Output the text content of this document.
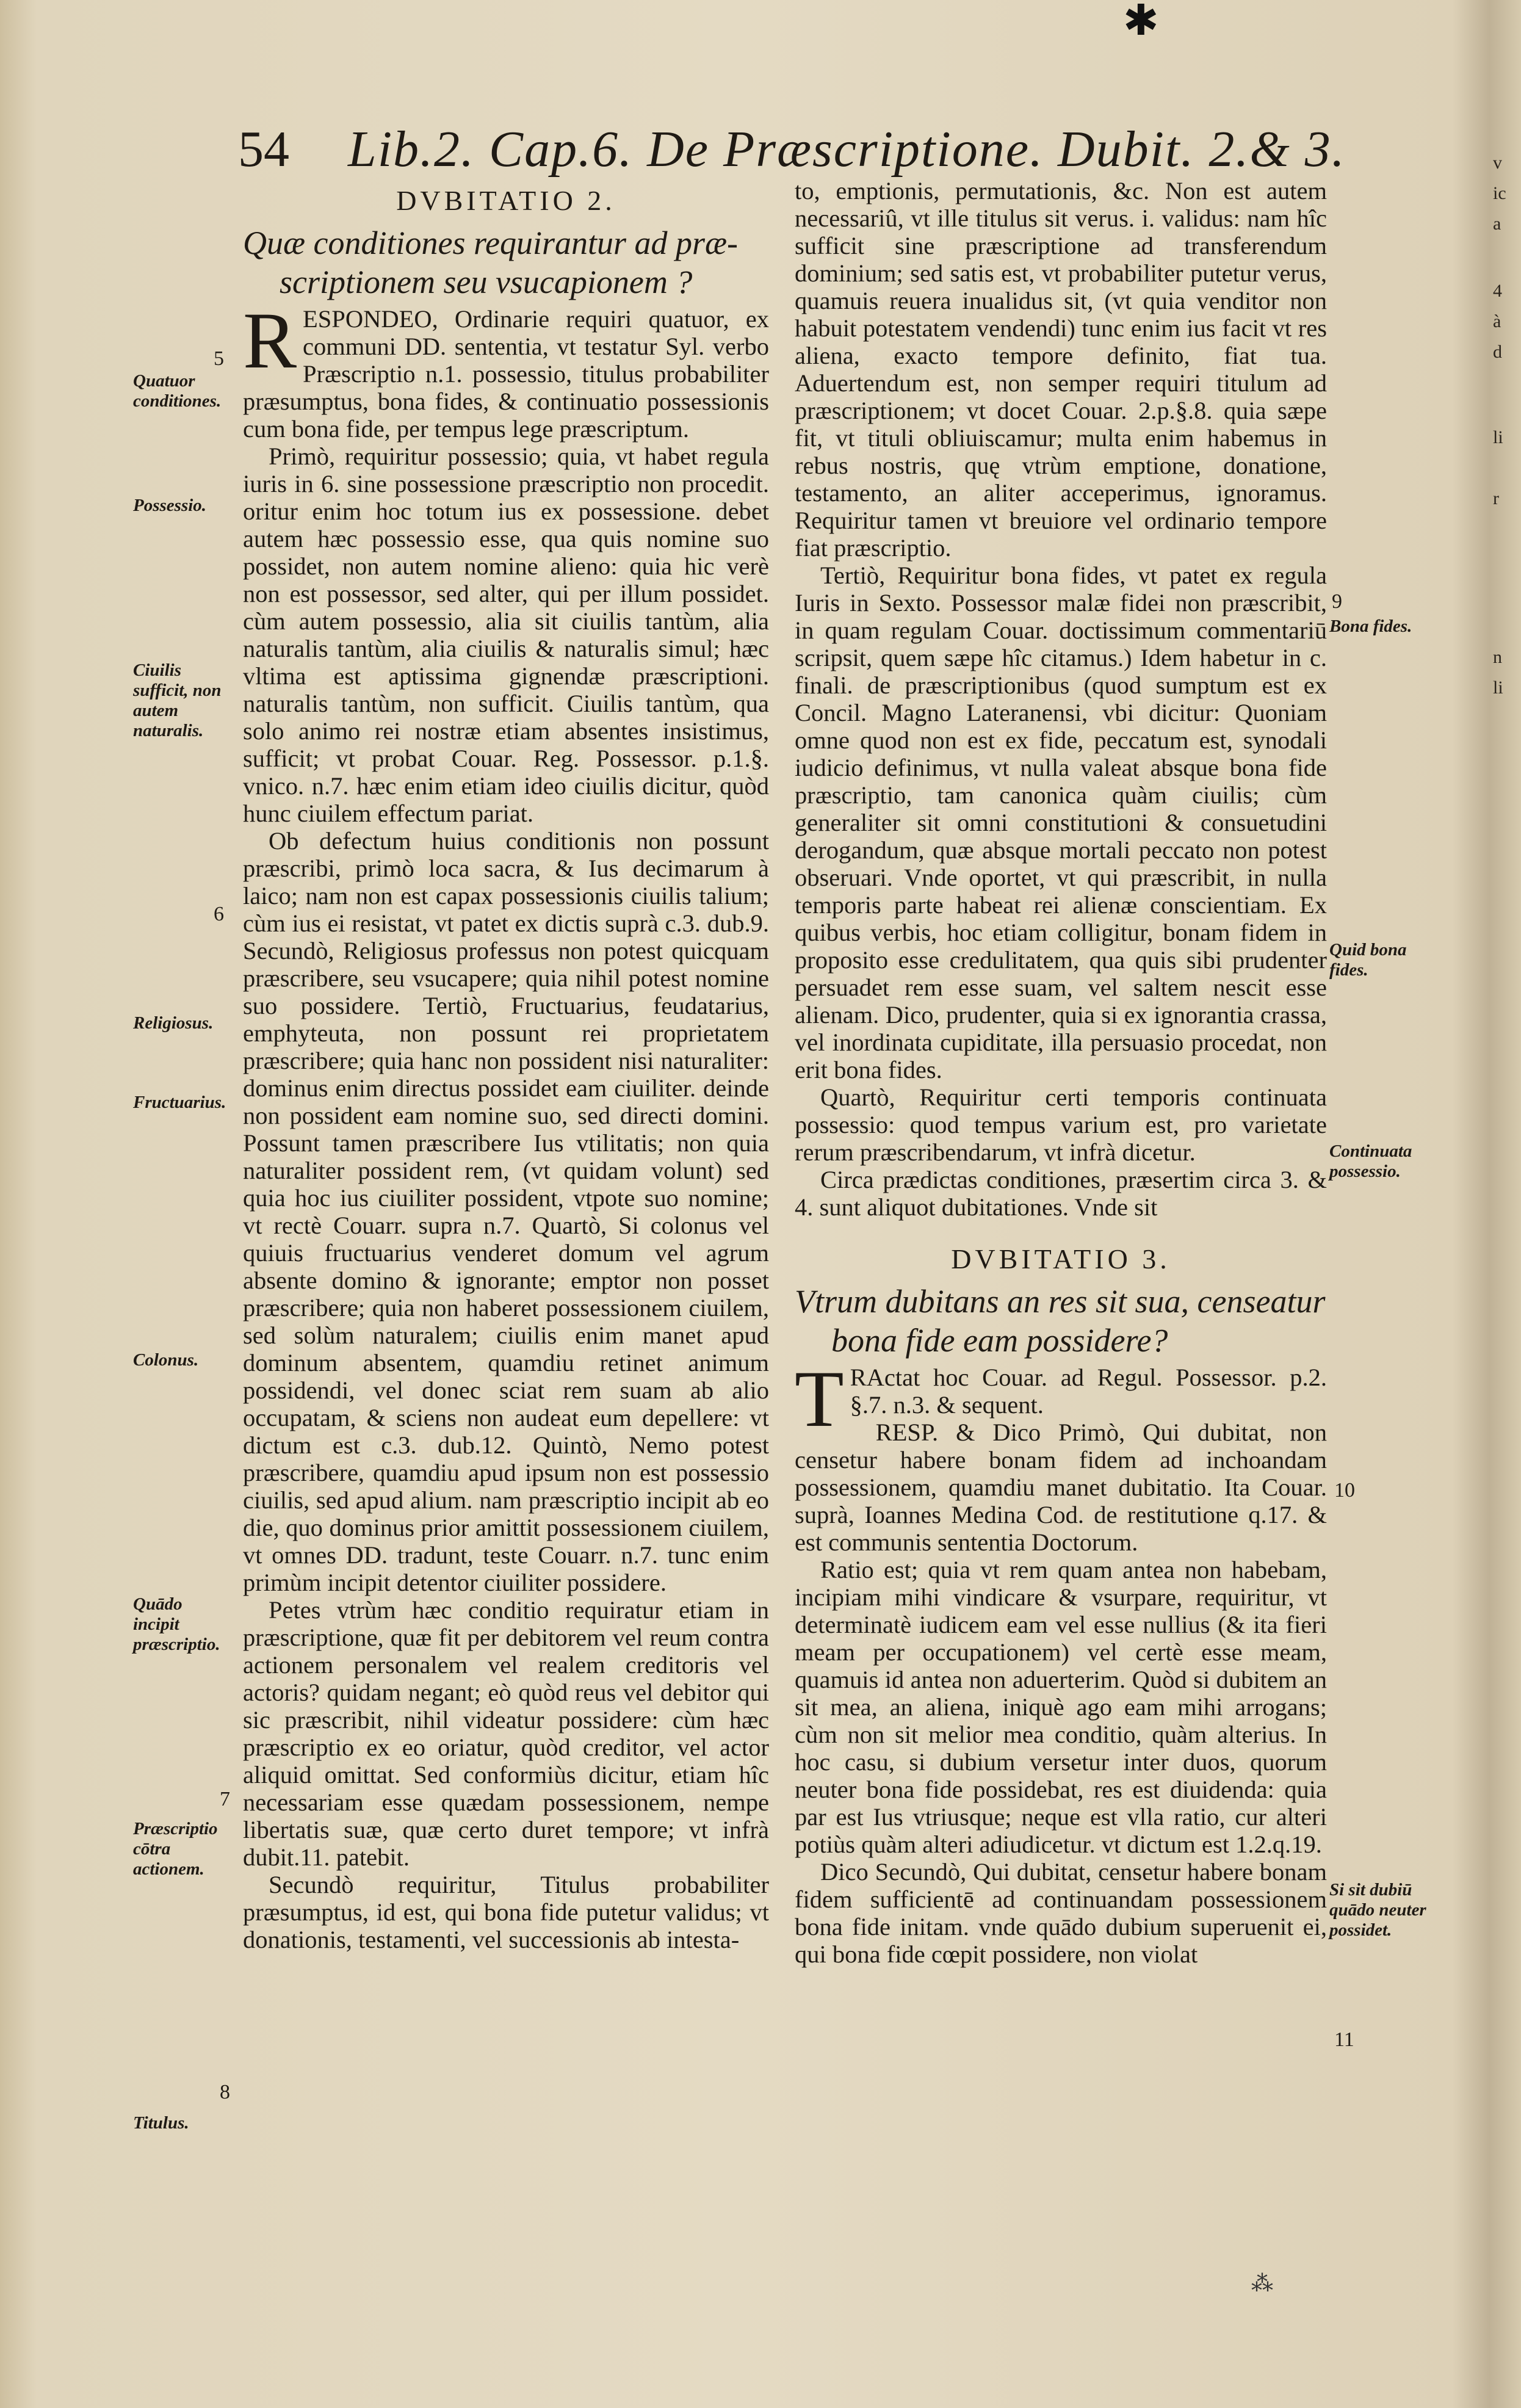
✱
54 Lib.2. Cap.6. De Præscriptione. Dubit. 2.& 3.
DVBITATIO 2.
Quæ conditiones requirantur ad præ-
scriptionem seu vsucapionem ?

RESPONDEO, Ordinarie requiri quatuor, ex communi DD. sententia, vt testatur Syl. verbo Præscriptio n.1. possessio, titulus probabiliter præsumptus, bona fides, & continuatio possessionis cum bona fide, per tempus lege præscriptum.

Primò, requiritur possessio; quia, vt habet regula iuris in 6. sine possessione præscriptio non procedit. oritur enim hoc totum ius ex possessione. debet autem hæc possessio esse, qua quis nomine suo possidet, non autem nomine alieno: quia hic verè non est possessor, sed alter, qui per illum possidet. cùm autem possessio, alia sit ciuilis tantùm, alia naturalis tantùm, alia ciuilis & naturalis simul; hæc vltima est aptissima gignendæ præscriptioni. naturalis tantùm, non sufficit. Ciuilis tantùm, qua solo animo rei nostræ etiam absentes insistimus, sufficit; vt probat Couar. Reg. Possessor. p.1.§. vnico. n.7. hæc enim etiam ideo ciuilis dicitur, quòd hunc ciuilem effectum pariat.

Ob defectum huius conditionis non possunt præscribi, primò loca sacra, & Ius decimarum à laico; nam non est capax possessionis ciuilis talium; cùm ius ei resistat, vt patet ex dictis suprà c.3. dub.9. Secundò, Religiosus professus non potest quicquam præscribere, seu vsucapere; quia nihil potest nomine suo possidere. Tertiò, Fructuarius, feudatarius, emphyteuta, non possunt rei proprietatem præscribere; quia hanc non possident nisi naturaliter: dominus enim directus possidet eam ciuiliter. deinde non possident eam nomine suo, sed directi domini. Possunt tamen præscribere Ius vtilitatis; non quia naturaliter possident rem, (vt quidam volunt) sed quia hoc ius ciuiliter possident, vtpote suo nomine; vt rectè Couarr. supra n.7. Quartò, Si colonus vel quiuis fructuarius venderet domum vel agrum absente domino & ignorante; emptor non posset præscribere; quia non haberet possessionem ciuilem, sed solùm naturalem; ciuilis enim manet apud dominum absentem, quamdiu retinet animum possidendi, vel donec sciat rem suam ab alio occupatam, & sciens non audeat eum depellere: vt dictum est c.3. dub.12. Quintò, Nemo potest præscribere, quamdiu apud ipsum non est possessio ciuilis, sed apud alium. nam præscriptio incipit ab eo die, quo dominus prior amittit possessionem ciuilem, vt omnes DD. tradunt, teste Couarr. n.7. tunc enim primùm incipit detentor ciuiliter possidere.

Petes vtrùm hæc conditio requiratur etiam in præscriptione, quæ fit per debitorem vel reum contra actionem personalem vel realem creditoris vel actoris? quidam negant; eò quòd reus vel debitor qui sic præscribit, nihil videatur possidere: cùm hæc præscriptio ex eo oriatur, quòd creditor, vel actor aliquid omittat. Sed conformiùs dicitur, etiam hîc necessariam esse quædam possessionem, nempe libertatis suæ, quæ certo duret tempore; vt infrà dubit.11. patebit.

Secundò requiritur, Titulus probabiliter præsumptus, id est, qui bona fide putetur validus; vt donationis, testamenti, vel successionis ab intesta-

to, emptionis, permutationis, &c. Non est autem necessariû, vt ille titulus sit verus. i. validus: nam hîc sufficit sine præscriptione ad transferendum dominium; sed satis est, vt probabiliter putetur verus, quamuis reuera inualidus sit, (vt quia venditor non habuit potestatem vendendi) tunc enim ius facit vt res aliena, exacto tempore definito, fiat tua. Aduertendum est, non semper requiri titulum ad præscriptionem; vt docet Couar. 2.p.§.8. quia sæpe fit, vt tituli obliuiscamur; multa enim habemus in rebus nostris, quę vtrùm emptione, donatione, testamento, an aliter acceperimus, ignoramus. Requiritur tamen vt breuiore vel ordinario tempore fiat præscriptio.

Tertiò, Requiritur bona fides, vt patet ex regula Iuris in Sexto. Possessor malæ fidei non præscribit, in quam regulam Couar. doctissimum commentariū scripsit, quem sæpe hîc citamus.) Idem habetur in c. finali. de præscriptionibus (quod sumptum est ex Concil. Magno Lateranensi, vbi dicitur: Quoniam omne quod non est ex fide, peccatum est, synodali iudicio definimus, vt nulla valeat absque bona fide præscriptio, tam canonica quàm ciuilis; cùm generaliter sit omni constitutioni & consuetudini derogandum, quæ absque mortali peccato non potest obseruari. Vnde oportet, vt qui præscribit, in nulla temporis parte habeat rei alienæ conscientiam. Ex quibus verbis, hoc etiam colligitur, bonam fidem in proposito esse credulitatem, qua quis sibi prudenter persuadet rem esse suam, vel saltem nescit esse alienam. Dico, prudenter, quia si ex ignorantia crassa, vel inordinata cupiditate, illa persuasio procedat, non erit bona fides.

Quartò, Requiritur certi temporis continuata possessio: quod tempus varium est, pro varietate rerum præscribendarum, vt infrà dicetur.

Circa prædictas conditiones, præsertim circa 3. & 4. sunt aliquot dubitationes. Vnde sit

DVBITATIO 3.
Vtrum dubitans an res sit sua, censeatur
bona fide eam possidere?

T RActat hoc Couar. ad Regul. Possessor. p.2. §.7. n.3. & sequent.

RESP. & Dico Primò, Qui dubitat, non censetur habere bonam fidem ad inchoandam possessionem, quamdiu manet dubitatio. Ita Couar. suprà, Ioannes Medina Cod. de restitutione q.17. & est communis sententia Doctorum.

Ratio est; quia vt rem quam antea non habebam, incipiam mihi vindicare & vsurpare, requiritur, vt determinatè iudicem eam vel esse nullius (& ita fieri meam per occupationem) vel certè esse meam, quamuis id antea non aduerterim. Quòd si dubitem an sit mea, an aliena, iniquè ago eam mihi arrogans; cùm non sit melior mea conditio, quàm alterius. In hoc casu, si dubium versetur inter duos, quorum neuter bona fide possidebat, res est diuidenda: quia par est Ius vtriusque; neque est vlla ratio, cur alteri potiùs quàm alteri adiudicetur. vt dictum est 1.2.q.19.

Dico Secundò, Qui dubitat, censetur habere bonam fidem sufficientē ad continuandam possessionem bona fide initam. vnde quādo dubium superuenit ei, qui bona fide cœpit possidere, non violat

Quatuor conditiones.
Possessio.
Ciuilis sufficit, non autem naturalis.
Religiosus.
Fructuarius.
Colonus.
Quādo incipit præscriptio.
Præscriptio cōtra actionem.
Titulus.
5
6
7
8
Bona fides.
Quid bona fides.
Continuata possessio.
Si sit dubiū quādo neuter possidet.
9
10
11
v
ic
a
4
à
d
li
r
n
li
⁂
